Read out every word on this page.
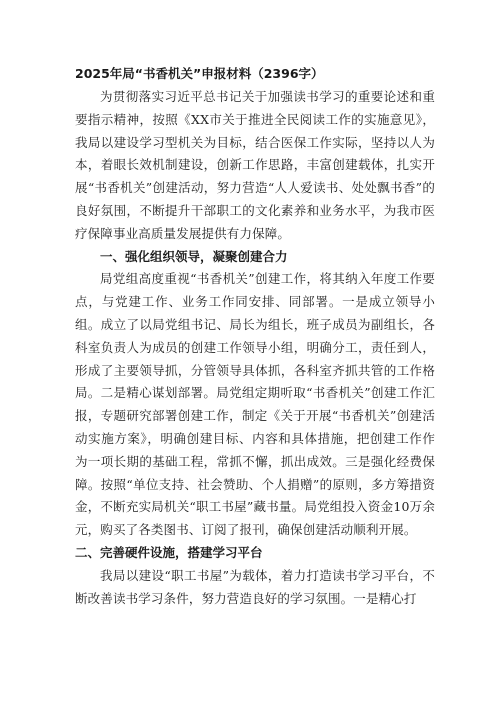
2025年局“书香机关”申报材料（2396字）

为贯彻落实习近平总书记关于加强读书学习的重要论述和重要指示精神，按照《XX市关于推进全民阅读工作的实施意见》，我局以建设学习型机关为目标，结合医保工作实际，坚持以人为本，着眼长效机制建设，创新工作思路，丰富创建载体，扎实开展“书香机关”创建活动，努力营造“人人爱读书、处处飘书香”的良好氛围，不断提升干部职工的文化素养和业务水平，为我市医疗保障事业高质量发展提供有力保障。

一、强化组织领导，凝聚创建合力

局党组高度重视“书香机关”创建工作，将其纳入年度工作要点，与党建工作、业务工作同安排、同部署。一是成立领导小组。成立了以局党组书记、局长为组长，班子成员为副组长，各科室负责人为成员的创建工作领导小组，明确分工，责任到人，形成了主要领导抓，分管领导具体抓，各科室齐抓共管的工作格局。二是精心谋划部署。局党组定期听取“书香机关”创建工作汇报，专题研究部署创建工作，制定《关于开展“书香机关”创建活动实施方案》，明确创建目标、内容和具体措施，把创建工作作为一项长期的基础工程，常抓不懈，抓出成效。三是强化经费保障。按照“单位支持、社会赞助、个人捐赠”的原则，多方筹措资金，不断充实局机关“职工书屋”藏书量。局党组投入资金10万余元，购买了各类图书、订阅了报刊，确保创建活动顺利开展。

二、完善硬件设施，搭建学习平台

我局以建设“职工书屋”为载体，着力打造读书学习平台，不断改善读书学习条件，努力营造良好的学习氛围。一是精心打
